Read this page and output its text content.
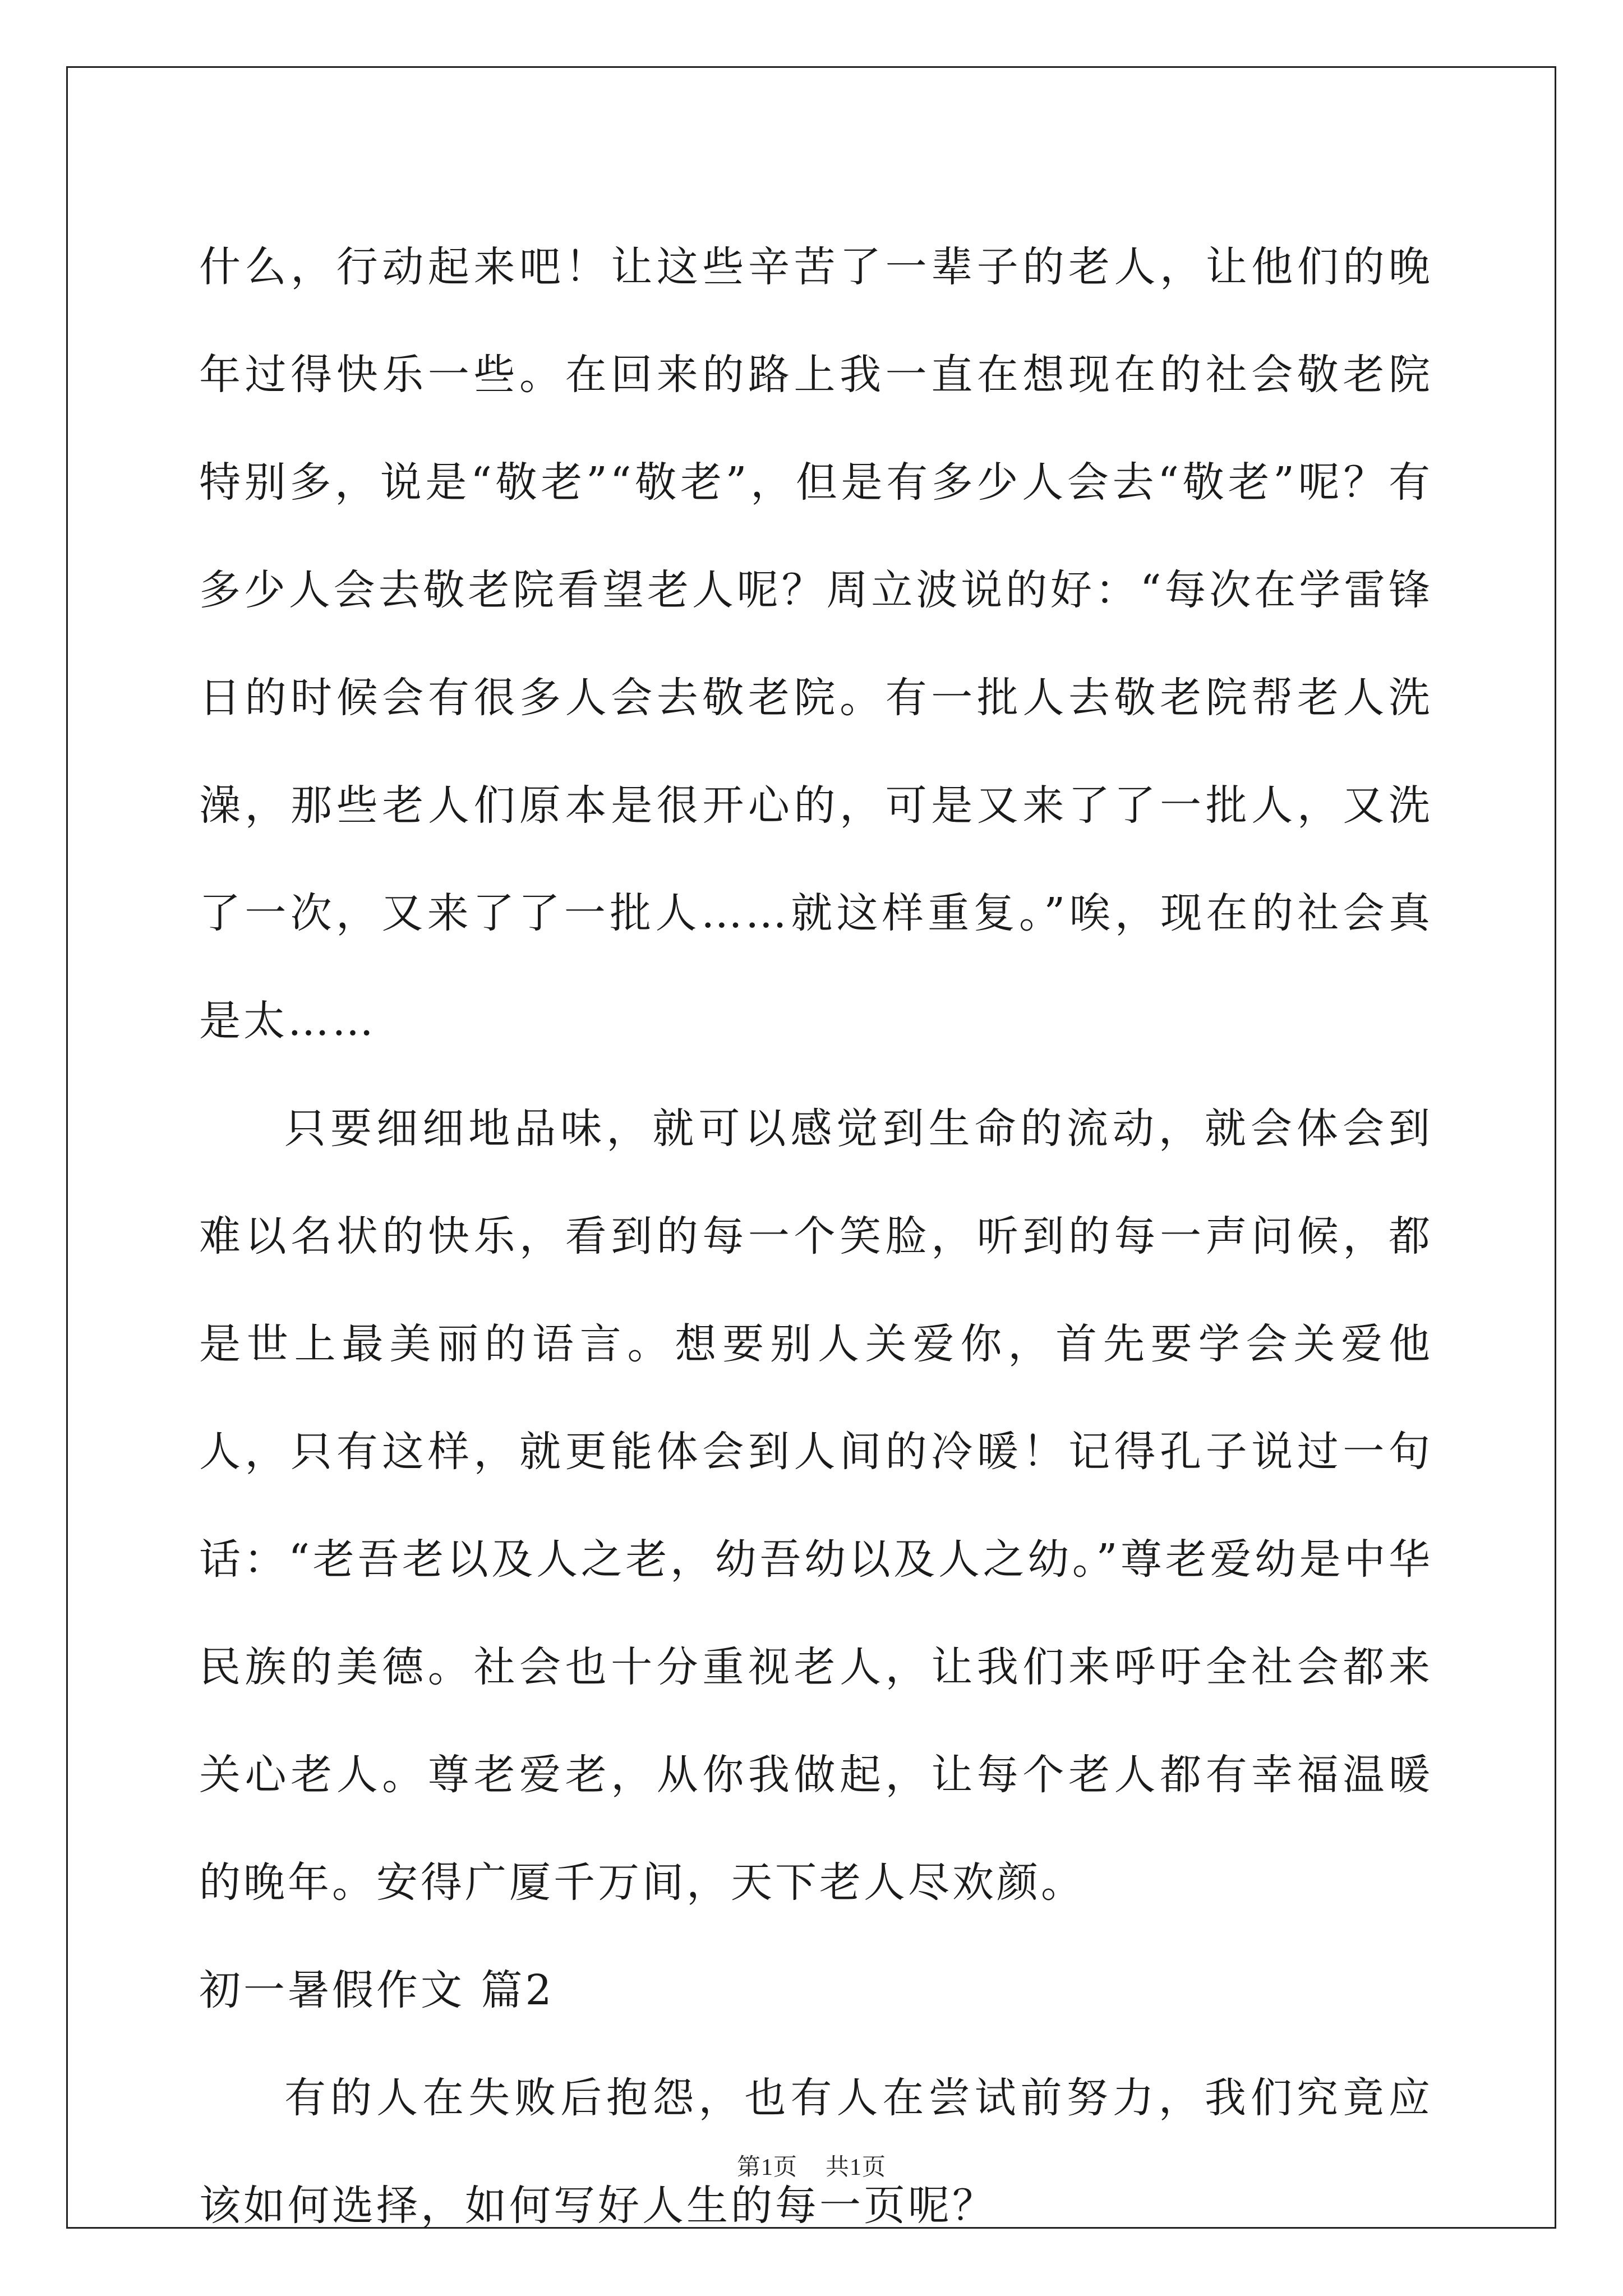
什么，行动起来吧！让这些辛苦了一辈子的老人，让他们的晚年过得快乐一些。在回来的路上我一直在想现在的社会敬老院特别多，说是“敬老”“敬老”，但是有多少人会去“敬老”呢？有多少人会去敬老院看望老人呢？周立波说的好：“每次在学雷锋日的时候会有很多人会去敬老院。有一批人去敬老院帮老人洗澡，那些老人们原本是很开心的，可是又来了了一批人，又洗了一次，又来了了一批人……就这样重复。”唉，现在的社会真是太……

只要细细地品味，就可以感觉到生命的流动，就会体会到难以名状的快乐，看到的每一个笑脸，听到的每一声问候，都是世上最美丽的语言。想要别人关爱你，首先要学会关爱他人，只有这样，就更能体会到人间的冷暖！记得孔子说过一句话：“老吾老以及人之老，幼吾幼以及人之幼。”尊老爱幼是中华民族的美德。社会也十分重视老人，让我们来呼吁全社会都来关心老人。尊老爱老，从你我做起，让每个老人都有幸福温暖的晚年。安得广厦千万间，天下老人尽欢颜。

初一暑假作文 篇2

有的人在失败后抱怨，也有人在尝试前努力，我们究竟应该如何选择，如何写好人生的每一页呢？

第1页 共1页
